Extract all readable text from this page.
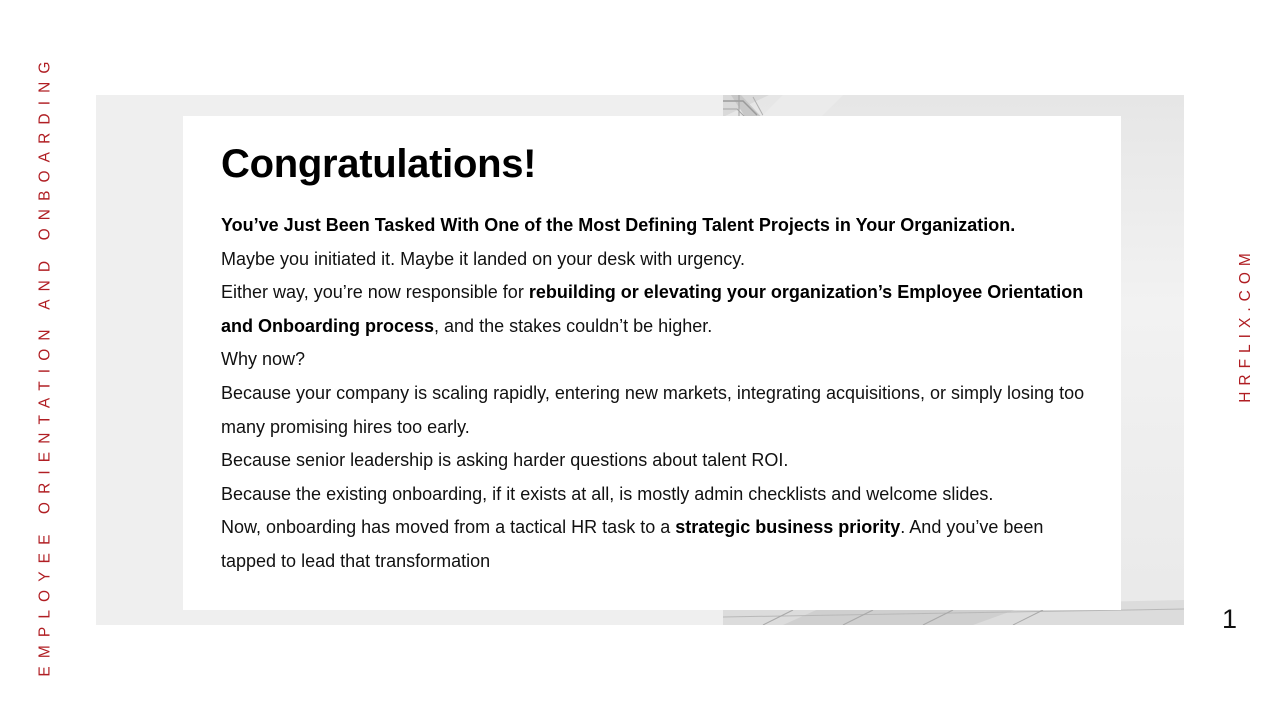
EMPLOYEE ORIENTATION AND ONBOARDING	HRFLIX.COM
Congratulations!

You’ve Just Been Tasked With One of the Most Defining Talent Projects in Your Organization.

Maybe you initiated it. Maybe it landed on your desk with urgency.

Either way, you’re now responsible for rebuilding or elevating your organization’s Employee Orientation and Onboarding process, and the stakes couldn’t be higher.

Why now?

Because your company is scaling rapidly, entering new markets, integrating acquisitions, or simply losing too many promising hires too early.

Because senior leadership is asking harder questions about talent ROI.

Because the existing onboarding, if it exists at all, is mostly admin checklists and welcome slides.

Now, onboarding has moved from a tactical HR task to a strategic business priority. And you’ve been tapped to lead that transformation

1
